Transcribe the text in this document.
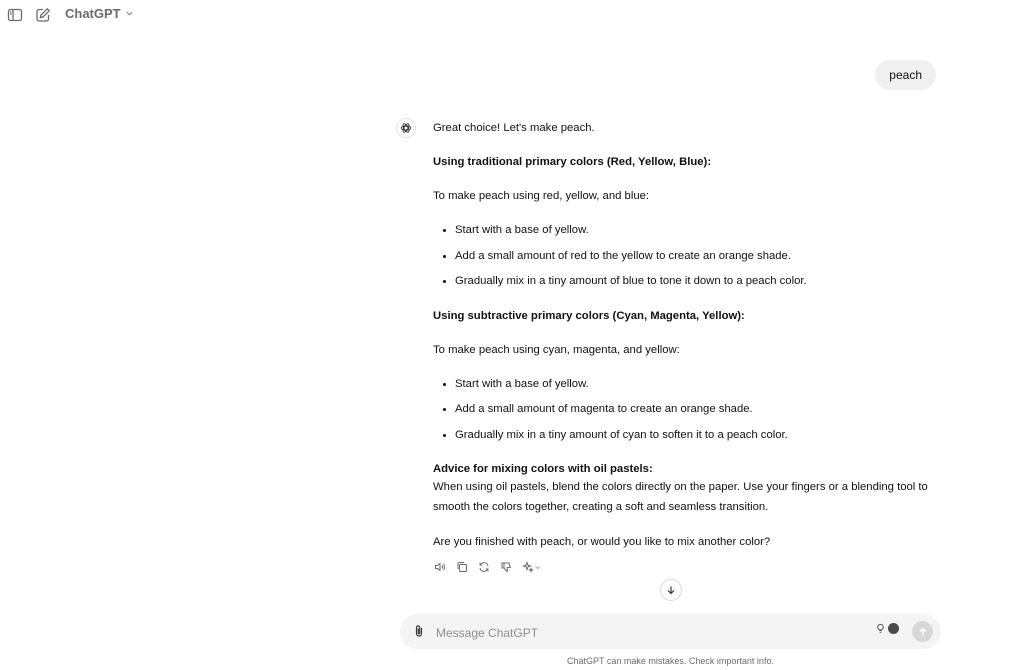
ChatGPT
peach

Great choice! Let's make peach.

Using traditional primary colors (Red, Yellow, Blue):

To make peach using red, yellow, and blue:

• Start with a base of yellow.
• Add a small amount of red to the yellow to create an orange shade.
• Gradually mix in a tiny amount of blue to tone it down to a peach color.

Using subtractive primary colors (Cyan, Magenta, Yellow):

To make peach using cyan, magenta, and yellow:

• Start with a base of yellow.
• Add a small amount of magenta to create an orange shade.
• Gradually mix in a tiny amount of cyan to soften it to a peach color.

Advice for mixing colors with oil pastels:

When using oil pastels, blend the colors directly on the paper. Use your fingers or a blending tool to smooth the colors together, creating a soft and seamless transition.

Are you finished with peach, or would you like to mix another color?

Message ChatGPT
ChatGPT can make mistakes. Check important info.
